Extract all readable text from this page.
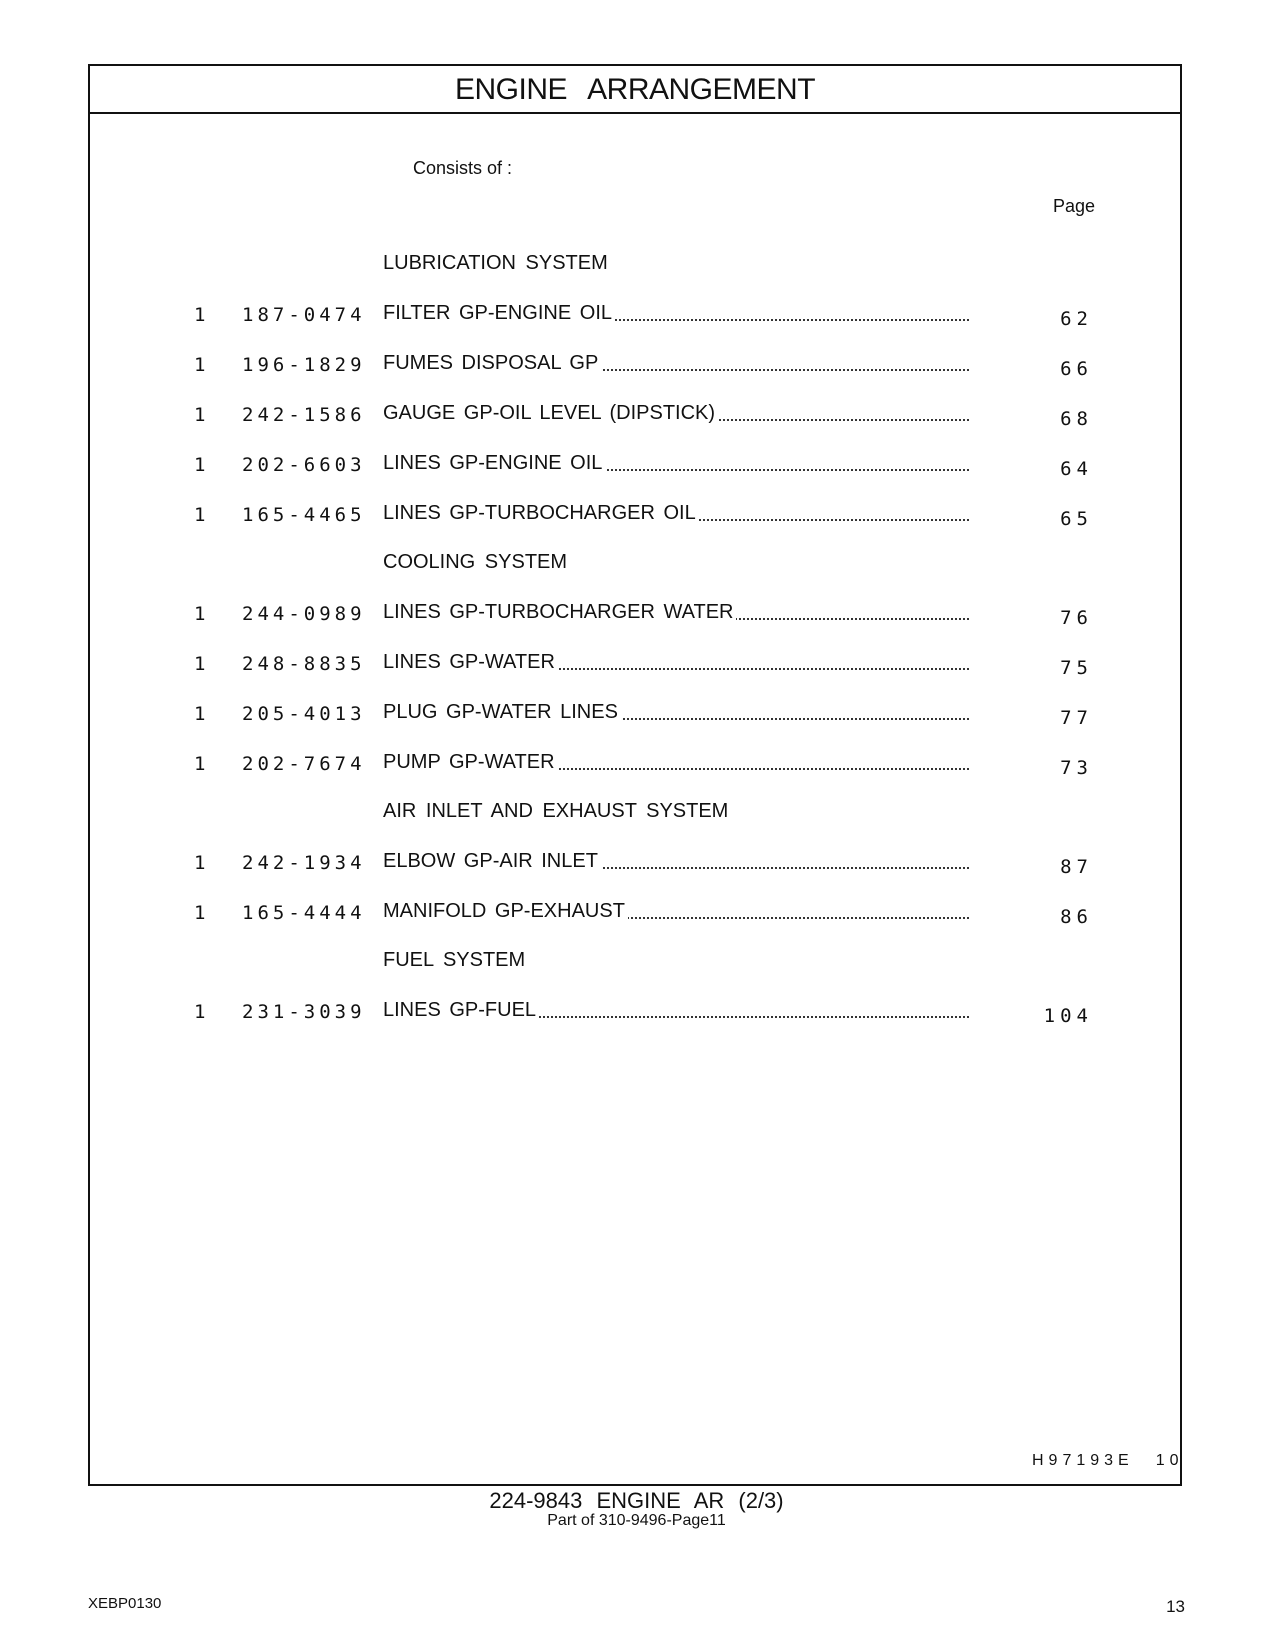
ENGINE ARRANGEMENT
Consists of :
Page
LUBRICATION SYSTEM
1 187-0474 FILTER GP-ENGINE OIL	62
1 196-1829 FUMES DISPOSAL GP	66
1 242-1586 GAUGE GP-OIL LEVEL (DIPSTICK)	68
1 202-6603 LINES GP-ENGINE OIL	64
1 165-4465 LINES GP-TURBOCHARGER OIL	65
COOLING SYSTEM
1 244-0989 LINES GP-TURBOCHARGER WATER	76
1 248-8835 LINES GP-WATER	75
1 205-4013 PLUG GP-WATER LINES	77
1 202-7674 PUMP GP-WATER	73
AIR INLET AND EXHAUST SYSTEM
1 242-1934 ELBOW GP-AIR INLET	87
1 165-4444 MANIFOLD GP-EXHAUST	86
FUEL SYSTEM
1 231-3039 LINES GP-FUEL	104
H97193E 10
224-9843 ENGINE AR (2/3)
Part of 310-9496-Page11
XEBP0130	13
